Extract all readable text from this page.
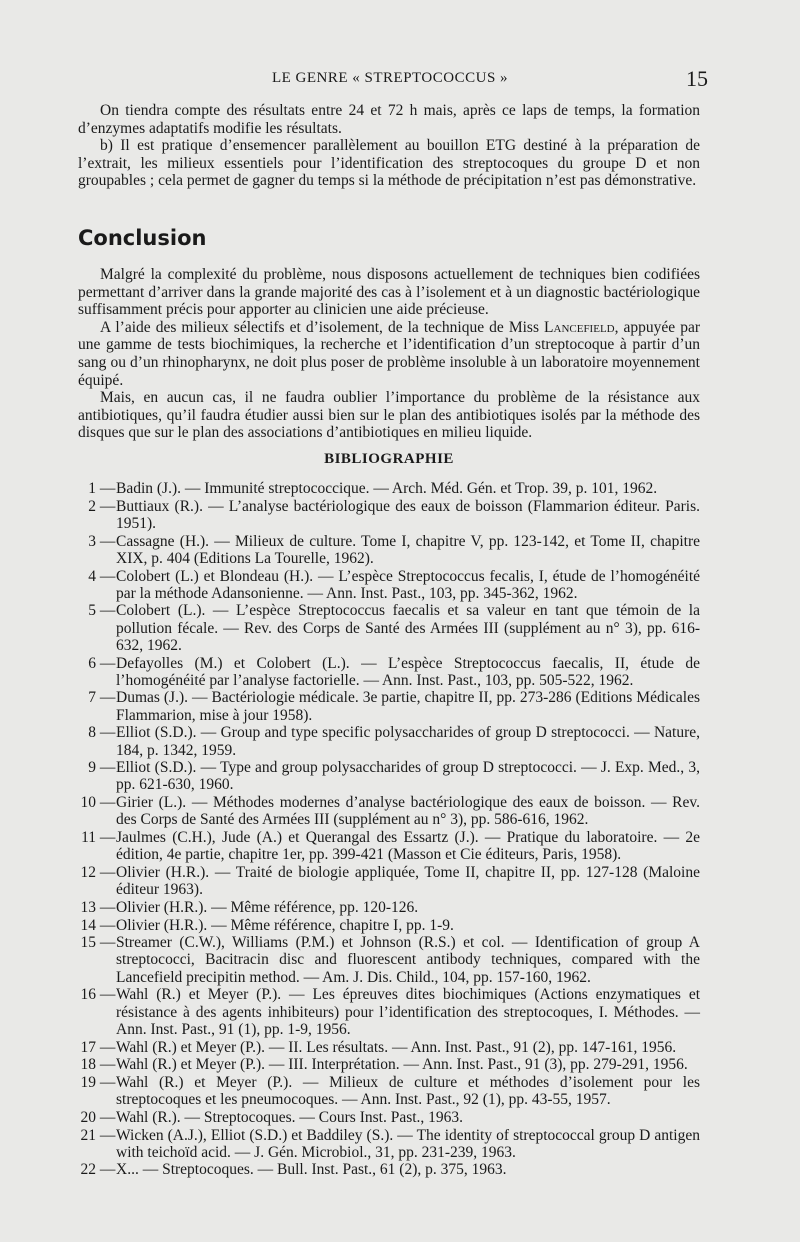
LE GENRE « STREPTOCOCCUS »	15

On tiendra compte des résultats entre 24 et 72 h mais, après ce laps de temps, la formation d’enzymes adaptatifs modifie les résultats.

b) Il est pratique d’ensemencer parallèlement au bouillon ETG destiné à la préparation de l’extrait, les milieux essentiels pour l’identification des streptocoques du groupe D et non groupables ; cela permet de gagner du temps si la méthode de précipitation n’est pas démonstrative.

Conclusion

Malgré la complexité du problème, nous disposons actuellement de techniques bien codifiées permettant d’arriver dans la grande majorité des cas à l’isolement et à un diagnostic bactériologique suffisamment précis pour apporter au clinicien une aide précieuse.

A l’aide des milieux sélectifs et d’isolement, de la technique de Miss Lancefield, appuyée par une gamme de tests biochimiques, la recherche et l’identification d’un streptocoque à partir d’un sang ou d’un rhinopharynx, ne doit plus poser de problème insoluble à un laboratoire moyennement équipé.

Mais, en aucun cas, il ne faudra oublier l’importance du problème de la résistance aux antibiotiques, qu’il faudra étudier aussi bien sur le plan des antibiotiques isolés par la méthode des disques que sur le plan des associations d’antibiotiques en milieu liquide.

BIBLIOGRAPHIE
1 — Badin (J.). — Immunité streptococcique. — Arch. Méd. Gén. et Trop. 39, p. 101, 1962.
2 — Buttiaux (R.). — L’analyse bactériologique des eaux de boisson (Flammarion éditeur. Paris. 1951).
3 — Cassagne (H.). — Milieux de culture. Tome I, chapitre V, pp. 123-142, et Tome II, chapitre XIX, p. 404 (Editions La Tourelle, 1962).
4 — Colobert (L.) et Blondeau (H.). — L’espèce Streptococcus fecalis, I, étude de l’homogénéité par la méthode Adansonienne. — Ann. Inst. Past., 103, pp. 345-362, 1962.
5 — Colobert (L.). — L’espèce Streptococcus faecalis et sa valeur en tant que témoin de la pollution fécale. — Rev. des Corps de Santé des Armées III (supplément au n° 3), pp. 616-632, 1962.
6 — Defayolles (M.) et Colobert (L.). — L’espèce Streptococcus faecalis, II, étude de l’homogénéité par l’analyse factorielle. — Ann. Inst. Past., 103, pp. 505-522, 1962.
7 — Dumas (J.). — Bactériologie médicale. 3e partie, chapitre II, pp. 273-286 (Editions Médicales Flammarion, mise à jour 1958).
8 — Elliot (S.D.). — Group and type specific polysaccharides of group D streptococci. — Nature, 184, p. 1342, 1959.
9 — Elliot (S.D.). — Type and group polysaccharides of group D streptococci. — J. Exp. Med., 3, pp. 621-630, 1960.
10 — Girier (L.). — Méthodes modernes d’analyse bactériologique des eaux de boisson. — Rev. des Corps de Santé des Armées III (supplément au n° 3), pp. 586-616, 1962.
11 — Jaulmes (C.H.), Jude (A.) et Querangal des Essartz (J.). — Pratique du laboratoire. — 2e édition, 4e partie, chapitre 1er, pp. 399-421 (Masson et Cie éditeurs, Paris, 1958).
12 — Olivier (H.R.). — Traité de biologie appliquée, Tome II, chapitre II, pp. 127-128 (Maloine éditeur 1963).
13 — Olivier (H.R.). — Même référence, pp. 120-126.
14 — Olivier (H.R.). — Même référence, chapitre I, pp. 1-9.
15 — Streamer (C.W.), Williams (P.M.) et Johnson (R.S.) et col. — Identification of group A streptococci, Bacitracin disc and fluorescent antibody techniques, compared with the Lancefield precipitin method. — Am. J. Dis. Child., 104, pp. 157-160, 1962.
16 — Wahl (R.) et Meyer (P.). — Les épreuves dites biochimiques (Actions enzymatiques et résistance à des agents inhibiteurs) pour l’identification des streptocoques, I. Méthodes. — Ann. Inst. Past., 91 (1), pp. 1-9, 1956.
17 — Wahl (R.) et Meyer (P.). — II. Les résultats. — Ann. Inst. Past., 91 (2), pp. 147-161, 1956.
18 — Wahl (R.) et Meyer (P.). — III. Interprétation. — Ann. Inst. Past., 91 (3), pp. 279-291, 1956.
19 — Wahl (R.) et Meyer (P.). — Milieux de culture et méthodes d’isolement pour les streptocoques et les pneumocoques. — Ann. Inst. Past., 92 (1), pp. 43-55, 1957.
20 — Wahl (R.). — Streptocoques. — Cours Inst. Past., 1963.
21 — Wicken (A.J.), Elliot (S.D.) et Baddiley (S.). — The identity of streptococcal group D antigen with teichoïd acid. — J. Gén. Microbiol., 31, pp. 231-239, 1963.
22 — X... — Streptocoques. — Bull. Inst. Past., 61 (2), p. 375, 1963.
